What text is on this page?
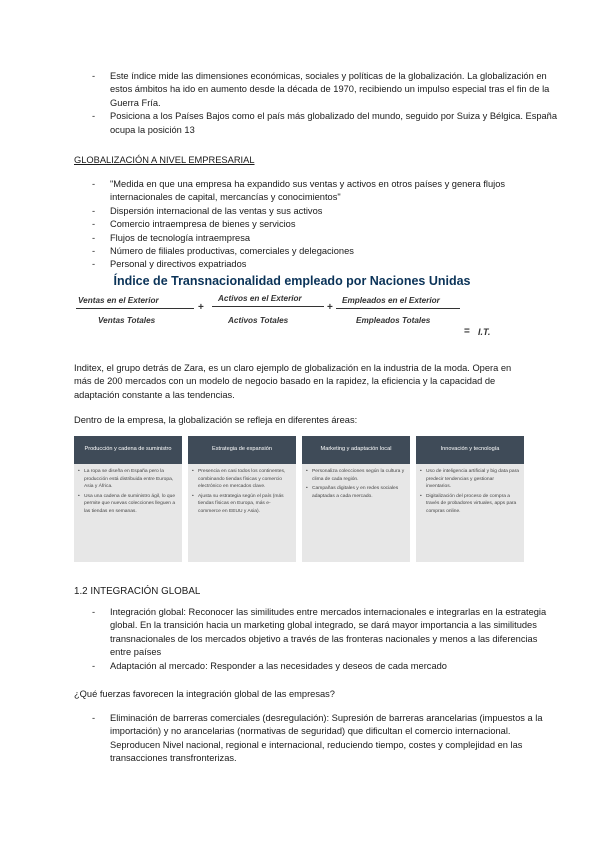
- Este índice mide las dimensiones económicas, sociales y políticas de la globalización. La globalización en estos ámbitos ha ido en aumento desde la década de 1970, recibiendo un impulso especial tras el fin de la Guerra Fría.
- Posiciona a los Países Bajos como el país más globalizado del mundo, seguido por Suiza y Bélgica. España ocupa la posición 13

GLOBALIZACIÓN A NIVEL EMPRESARIAL

- "Medida en que una empresa ha expandido sus ventas y activos en otros países y genera flujos internacionales de capital, mercancías y conocimientos"
- Dispersión internacional de las ventas y sus activos
- Comercio intraempresa de bienes y servicios
- Flujos de tecnología intraempresa
- Número de filiales productivas, comerciales y delegaciones
- Personal y directivos expatriados
Índice de Transnacionalidad empleado por Naciones Unidas
Ventas en el Exterior
Ventas Totales
+
Activos en el Exterior
Activos Totales
+
Empleados en el Exterior
Empleados Totales
= I.T.

Inditex, el grupo detrás de Zara, es un claro ejemplo de globalización en la industria de la moda. Opera en más de 200 mercados con un modelo de negocio basado en la rapidez, la eficiencia y la capacidad de adaptación constante a las tendencias.

Dentro de la empresa, la globalización se refleja en diferentes áreas:

Producción y cadena de suministro
• La ropa se diseña en España pero la producción está distribuida entre Europa, Asia y África.
• Usa una cadena de suministro ágil, lo que permite que nuevas colecciones lleguen a las tiendas en semanas.
Estrategia de expansión
• Presencia en casi todos los continentes, combinando tiendas físicas y comercio electrónico en mercados clave.
• Ajusta su estrategia según el país (más tiendas físicas en Europa, más e-commerce en EEUU y Asia).
Marketing y adaptación local
• Personaliza colecciones según la cultura y clima de cada región.
• Campañas digitales y en redes sociales adaptadas a cada mercado.
Innovación y tecnología
• Uso de inteligencia artificial y big data para predecir tendencias y gestionar inventarios.
• Digitalización del proceso de compra a través de probadores virtuales, apps para compras online.

1.2 INTEGRACIÓN GLOBAL

- Integración global: Reconocer las similitudes entre mercados internacionales e integrarlas en la estrategia global. En la transición hacia un marketing global integrado, se dará mayor importancia a las similitudes transnacionales de los mercados objetivo a través de las fronteras nacionales y menos a las diferencias entre países
- Adaptación al mercado: Responder a las necesidades y deseos de cada mercado

¿Qué fuerzas favorecen la integración global de las empresas?

- Eliminación de barreras comerciales (desregulación): Supresión de barreras arancelarias (impuestos a la importación) y no arancelarias (normativas de seguridad) que dificultan el comercio internacional. Seproducen Nivel nacional, regional e internacional, reduciendo tiempo, costes y complejidad en las transacciones transfronterizas.
